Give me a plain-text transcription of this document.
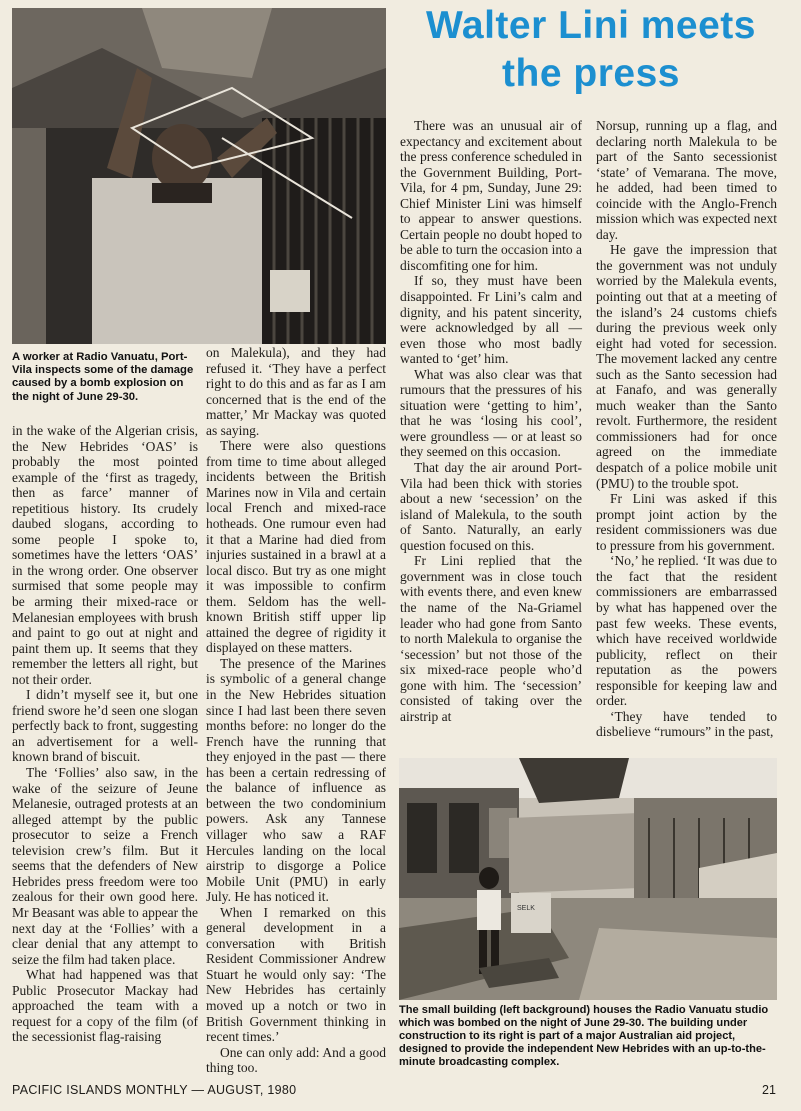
Walter Lini meets
the press
A worker at Radio Vanuatu, Port-Vila inspects some of the damage caused by a bomb explosion on the night of June 29-30.

in the wake of the Algerian crisis, the New Hebrides ‘OAS’ is probably the most pointed example of the ‘first as tragedy, then as farce’ manner of repetitious history. Its crudely daubed slogans, according to some people I spoke to, sometimes have the letters ‘OAS’ in the wrong order. One observer surmised that some people may be arming their mixed-race or Melanesian employees with brush and paint to go out at night and paint them up. It seems that they remember the letters all right, but not their order.

I didn’t myself see it, but one friend swore he’d seen one slogan perfectly back to front, suggesting an advertisement for a well-known brand of biscuit.

The ‘Follies’ also saw, in the wake of the seizure of Jeune Melanesie, outraged protests at an alleged attempt by the public prosecutor to seize a French television crew’s film. But it seems that the defenders of New Hebrides press freedom were too zealous for their own good here. Mr Beasant was able to appear the next day at the ‘Follies’ with a clear denial that any attempt to seize the film had taken place.

What had happened was that Public Prosecutor Mackay had approached the team with a request for a copy of the film (of the secessionist flag-raising

on Malekula), and they had refused it. ‘They have a perfect right to do this and as far as I am concerned that is the end of the matter,’ Mr Mackay was quoted as saying.

There were also questions from time to time about alleged incidents between the British Marines now in Vila and certain local French and mixed-race hotheads. One rumour even had it that a Marine had died from injuries sustained in a brawl at a local disco. But try as one might it was impossible to confirm them. Seldom has the well-known British stiff upper lip attained the degree of rigidity it displayed on these matters.

The presence of the Marines is symbolic of a general change in the New Hebrides situation since I had last been there seven months before: no longer do the French have the running that they enjoyed in the past — there has been a certain redressing of the balance of influence as between the two condominium powers. Ask any Tannese villager who saw a RAF Hercules landing on the local airstrip to disgorge a Police Mobile Unit (PMU) in early July. He has noticed it.

When I remarked on this general development in a conversation with British Resident Commissioner Andrew Stuart he would only say: ‘The New Hebrides has certainly moved up a notch or two in British Government thinking in recent times.’

One can only add: And a good thing too.

There was an unusual air of expectancy and excitement about the press conference scheduled in the Government Building, Port-Vila, for 4 pm, Sunday, June 29: Chief Minister Lini was himself to appear to answer questions. Certain people no doubt hoped to be able to turn the occasion into a discomfiting one for him.

If so, they must have been disappointed. Fr Lini’s calm and dignity, and his patent sincerity, were acknowledged by all — even those who most badly wanted to ‘get’ him.

What was also clear was that rumours that the pressures of his situation were ‘getting to him’, that he was ‘losing his cool’, were groundless — or at least so they seemed on this occasion.

That day the air around Port-Vila had been thick with stories about a new ‘secession’ on the island of Malekula, to the south of Santo. Naturally, an early question focused on this.

Fr Lini replied that the government was in close touch with events there, and even knew the name of the Na-Griamel leader who had gone from Santo to north Malekula to organise the ‘secession’ but not those of the six mixed-race people who’d gone with him. The ‘secession’ consisted of taking over the airstrip at

Norsup, running up a flag, and declaring north Malekula to be part of the Santo secessionist ‘state’ of Vemarana. The move, he added, had been timed to coincide with the Anglo-French mission which was expected next day.

He gave the impression that the government was not unduly worried by the Malekula events, pointing out that at a meeting of the island’s 24 customs chiefs during the previous week only eight had voted for secession. The movement lacked any centre such as the Santo secession had at Fanafo, and was generally much weaker than the Santo revolt. Furthermore, the resident commissioners had for once agreed on the immediate despatch of a police mobile unit (PMU) to the trouble spot.

Fr Lini was asked if this prompt joint action by the resident commissioners was due to pressure from his government.

‘No,’ he replied. ‘It was due to the fact that the resident commissioners are embarrassed by what has happened over the past few weeks. These events, which have received worldwide publicity, reflect on their reputation as the powers responsible for keeping law and order.

‘They have tended to disbelieve “rumours” in the past,

SELK
The small building (left background) houses the Radio Vanuatu studio which was bombed on the night of June 29-30. The building under construction to its right is part of a major Australian aid project, designed to provide the independent New Hebrides with an up-to-the-minute broadcasting complex.
PACIFIC ISLANDS MONTHLY — AUGUST, 1980	21
